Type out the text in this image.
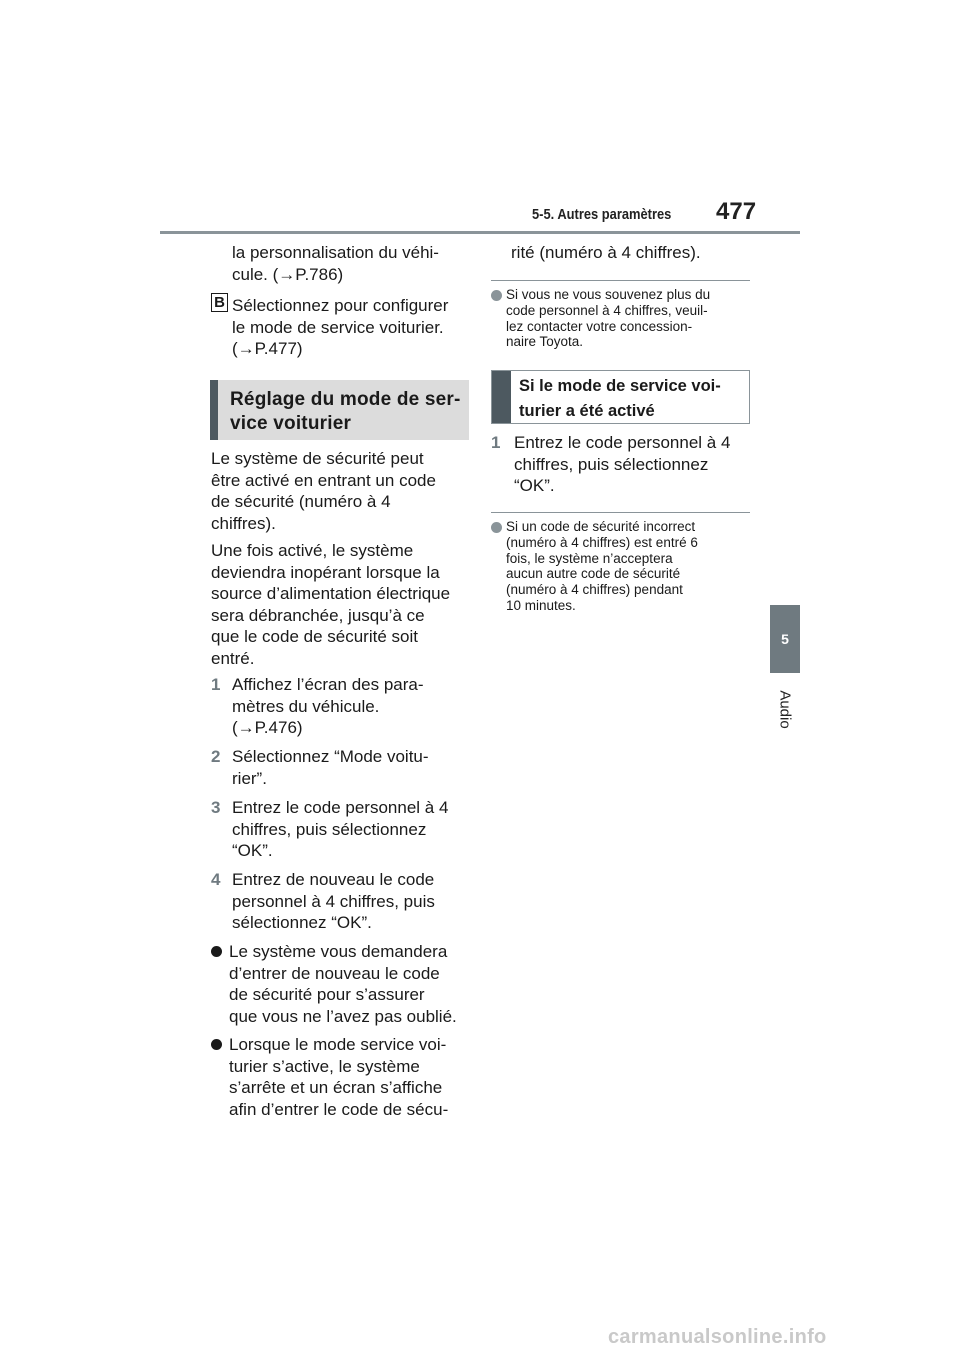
5-5. Autres paramètres 477
5
Audio
la personnalisation du véhi-
cule. (→P.786)
B Sélectionnez pour configurer
le mode de service voiturier.
(→P.477)
Réglage du mode de ser-
vice voiturier
Le système de sécurité peut
être activé en entrant un code
de sécurité (numéro à 4
chiffres).
Une fois activé, le système
deviendra inopérant lorsque la
source d’alimentation électrique
sera débranchée, jusqu’à ce
que le code de sécurité soit
entré.
1 Affichez l’écran des para-
mètres du véhicule.
(→P.476)
2 Sélectionnez “Mode voitu-
rier”.
3 Entrez le code personnel à 4
chiffres, puis sélectionnez
“OK”.
4 Entrez de nouveau le code
personnel à 4 chiffres, puis
sélectionnez “OK”.
Le système vous demandera
d’entrer de nouveau le code
de sécurité pour s’assurer
que vous ne l’avez pas oublié.
Lorsque le mode service voi-
turier s’active, le système
s’arrête et un écran s’affiche
afin d’entrer le code de sécu-
rité (numéro à 4 chiffres).
Si vous ne vous souvenez plus du
code personnel à 4 chiffres, veuil-
lez contacter votre concession-
naire Toyota.
Si le mode de service voi-
turier a été activé
1 Entrez le code personnel à 4
chiffres, puis sélectionnez
“OK”.
Si un code de sécurité incorrect
(numéro à 4 chiffres) est entré 6
fois, le système n’acceptera
aucun autre code de sécurité
(numéro à 4 chiffres) pendant
10 minutes.
carmanualsonline.info
